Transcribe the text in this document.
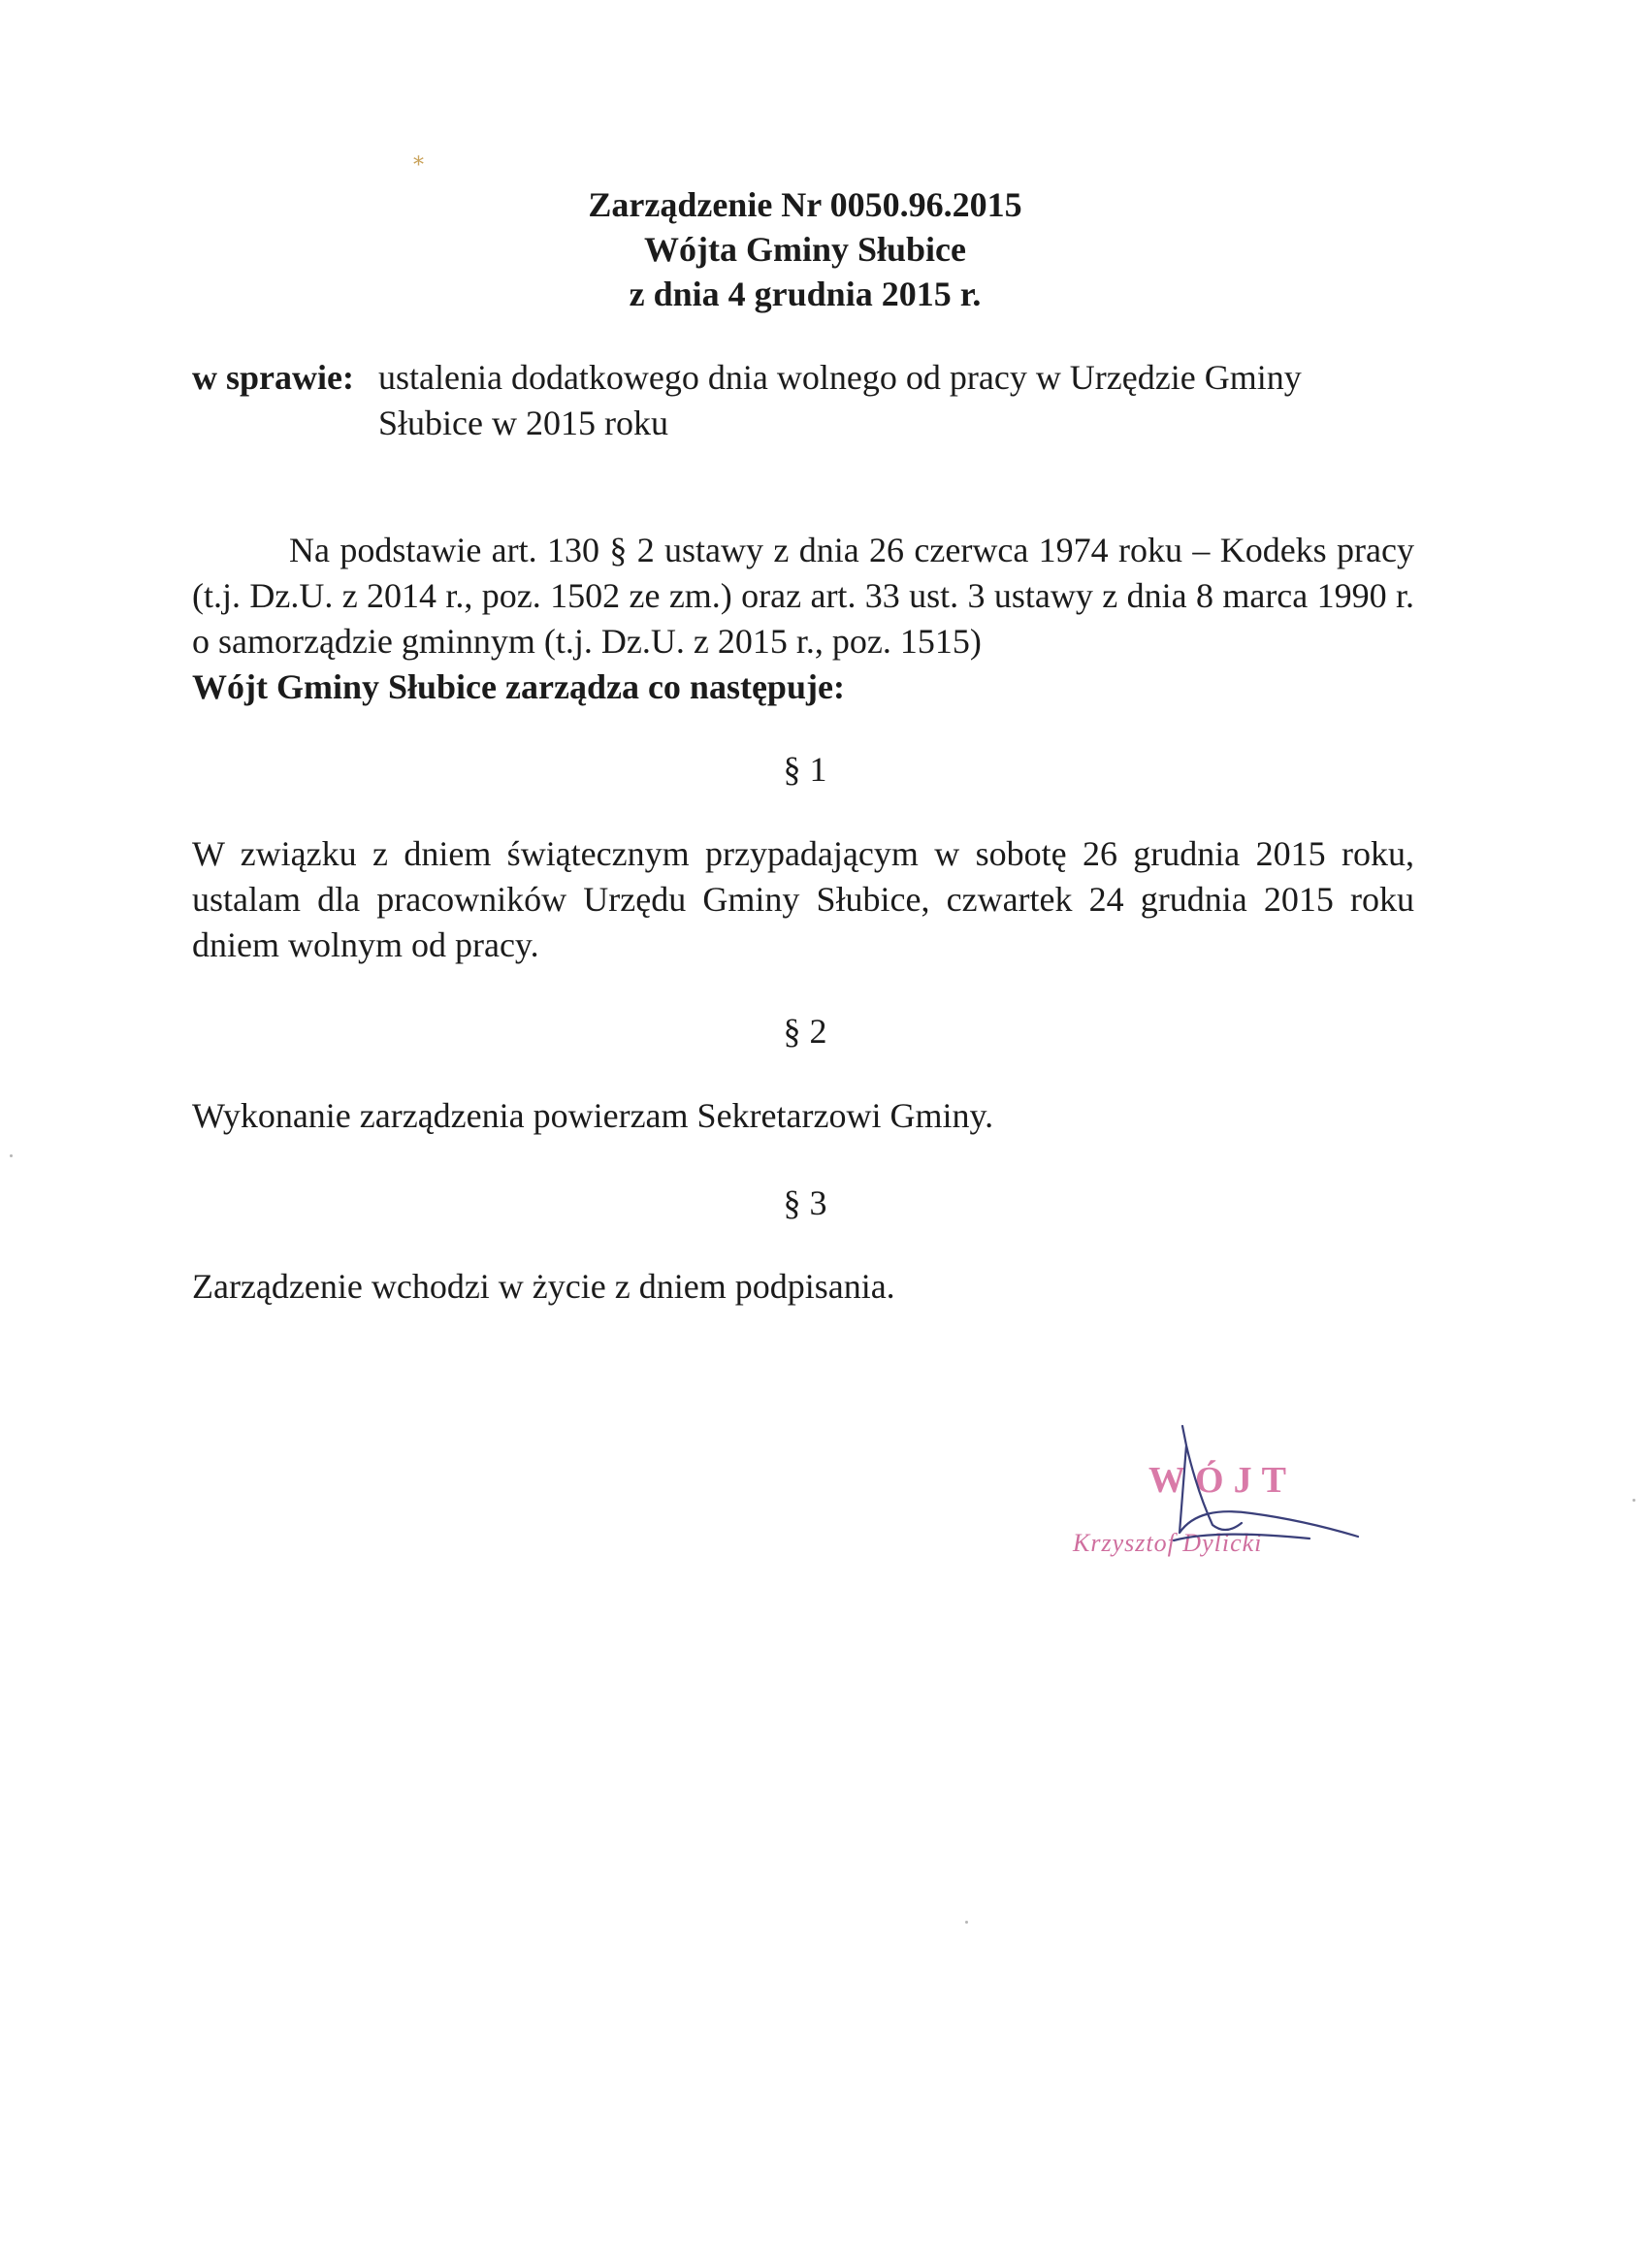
⁎
Zarządzenie Nr 0050.96.2015
Wójta Gminy Słubice
z dnia 4 grudnia 2015 r.
w sprawie: ustalenia dodatkowego dnia wolnego od pracy w Urzędzie Gminy Słubice w 2015 roku

Na podstawie art. 130 § 2 ustawy z dnia 26 czerwca 1974 roku – Kodeks pracy (t.j. Dz.U. z 2014 r., poz. 1502 ze zm.) oraz art. 33 ust. 3 ustawy z dnia 8 marca 1990 r. o samorządzie gminnym (t.j. Dz.U. z 2015 r., poz. 1515)

Wójt Gminy Słubice zarządza co następuje:

§ 1
W związku z dniem świątecznym przypadającym w sobotę 26 grudnia 2015 roku, ustalam dla pracowników Urzędu Gminy Słubice, czwartek 24 grudnia 2015 roku dniem wolnym od pracy.
§ 2
Wykonanie zarządzenia powierzam Sekretarzowi Gminy.
§ 3
Zarządzenie wchodzi w życie z dniem podpisania.
WÓJT
Krzysztof Dylicki
